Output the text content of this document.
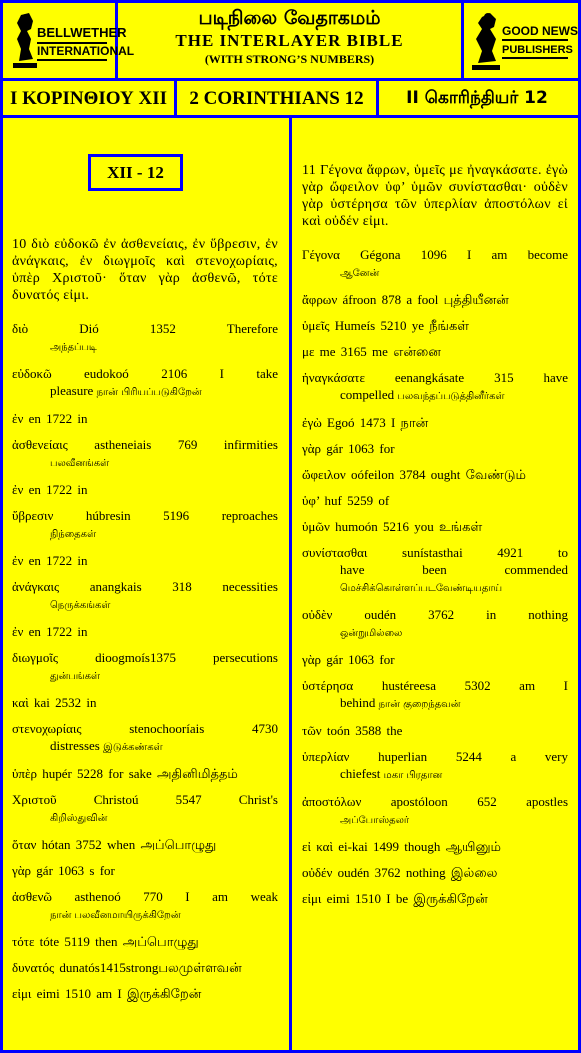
BELLWETHER
INTERNATIONAL
படிநிலை வேதாகமம்
THE INTERLAYER BIBLE
(WITH STRONG’S NUMBERS)
GOOD NEWS
PUBLISHERS
Ι ΚΟΡΙΝΘΙΟΥ ΧΙΙ	2 CORINTHIANS 12	II கொரிந்தியர் 12
XII - 12
10 διὸ εὐδοκῶ ἐν ἀσθενείαις, ἐν ὕβρεσιν, ἐν ἀνάγκαις, ἐν διωγμοῖς καὶ στενοχωρίαις, ὑπὲρ Χριστοῦ· ὅταν γὰρ ἀσθενῶ, τότε δυνατός εἰμι.
διὸ Dió 1352 Therefore
அந்தப்படி
εὐδοκῶ eudokoó 2106 I take
pleasure நான் பிரியப்படுகிறேன்
ἐν en 1722 in
ἀσθενείαις astheneiais 769 infirmities
பலவீனங்கள்
ἐν en 1722 in
ὕβρεσιν húbresin 5196 reproaches
நிந்தைகள்
ἐν en 1722 in
ἀνάγκαις anangkais 318 necessities
நெருக்கங்கள்
ἐν en 1722 in
διωγμοῖς dioogmoís1375 persecutions
துன்பங்கள்
καὶ kai 2532 in
στενοχωρίαις stenochooríais 4730
distresses இடுக்கண்கள்
ὑπὲρ hupér 5228 for sake அதினிமித்தம்
Χριστοῦ Christoú 5547 Christ's
கிறிஸ்துவின்
ὅταν hótan 3752 when அப்பொழுது
γὰρ gár 1063 s for
ἀσθενῶ asthenoó 770 I am weak
நான் பலவீனமாயிருக்கிறேன்
τότε tóte 5119 then அப்பொழுது
δυνατός dunatós1415strongபலமுள்ளவன்
εἰμι eimi 1510 am I இருக்கிறேன்
11 Γέγονα ἄφρων, ὑμεῖς με ἠναγκάσατε. ἐγὼ γὰρ ὤφειλον ὑφ’ ὑμῶν συνίστασθαι· οὐδὲν γὰρ ὑστέρησα τῶν ὑπερλίαν ἀποστόλων εἰ καὶ οὐδέν εἰμι.
Γέγονα Gégona 1096 I am become
ஆனேன்
ἄφρων áfroon 878 a fool புத்தியீனன்
ὑμεῖς Humeís 5210 ye நீங்கள்
με me 3165 me என்னை
ἠναγκάσατε eenangkásate 315 have
compelled பலவந்தப்படுத்தினீர்கள்
ἐγὼ Egoó 1473 I நான்
γὰρ gár 1063 for
ὤφειλον oófeilon 3784 ought வேண்டும்
ὑφ’ huf 5259 of
ὑμῶν humoón 5216 you உங்கள்
συνίστασθαι sunístasthai 4921 to
have been commended
மெச்சிக்கொள்ளப்படவேண்டியதாய்
οὐδὲν oudén 3762 in nothing
ஒன்றுமில்லை
γὰρ gár 1063 for
ὑστέρησα hustéreesa 5302 am I
behind நான் குறைந்தவன்
τῶν toón 3588 the
ὑπερλίαν huperlian 5244 a very
chiefest மகா பிரதான
ἀποστόλων apostóloon 652 apostles
அப்போஸ்தலர்
εἰ καὶ ei-kai 1499 though ஆயினும்
οὐδέν oudén 3762 nothing இல்லை
εἰμι eimi 1510 I be இருக்கிறேன்
